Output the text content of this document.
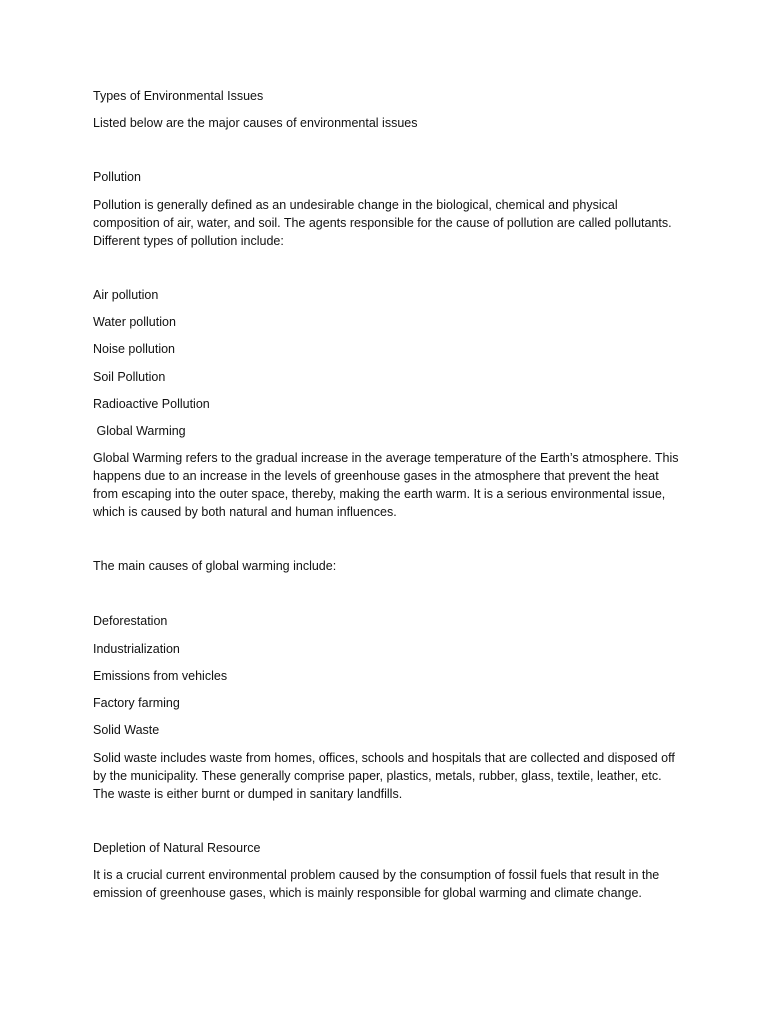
Types of Environmental Issues

Listed below are the major causes of environmental issues

Pollution

Pollution is generally defined as an undesirable change in the biological, chemical and physical composition of air, water, and soil. The agents responsible for the cause of pollution are called pollutants. Different types of pollution include:

Air pollution

Water pollution

Noise pollution

Soil Pollution

Radioactive Pollution

Global Warming

Global Warming refers to the gradual increase in the average temperature of the Earth’s atmosphere. This happens due to an increase in the levels of greenhouse gases in the atmosphere that prevent the heat from escaping into the outer space, thereby, making the earth warm. It is a serious environmental issue, which is caused by both natural and human influences.

The main causes of global warming include:

Deforestation

Industrialization

Emissions from vehicles

Factory farming

Solid Waste

Solid waste includes waste from homes, offices, schools and hospitals that are collected and disposed off by the municipality. These generally comprise paper, plastics, metals, rubber, glass, textile, leather, etc. The waste is either burnt or dumped in sanitary landfills.

Depletion of Natural Resource

It is a crucial current environmental problem caused by the consumption of fossil fuels that result in the emission of greenhouse gases, which is mainly responsible for global warming and climate change.
